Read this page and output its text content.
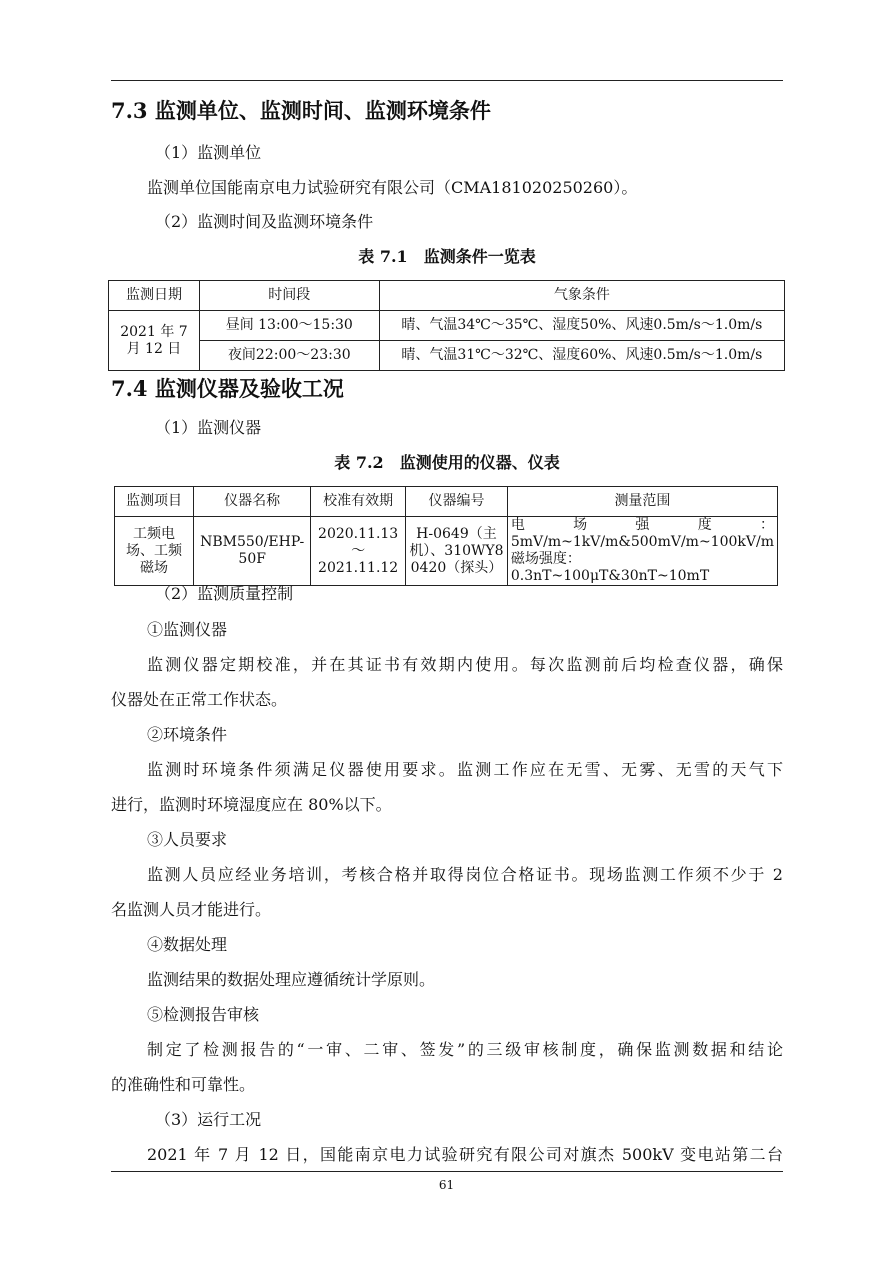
7.3 监测单位、监测时间、监测环境条件
（1）监测单位
监测单位国能南京电力试验研究有限公司（CMA181020250260）。
（2）监测时间及监测环境条件
表 7.1　监测条件一览表
监测日期	时间段	气象条件
2021 年 7 月 12 日	昼间 13:00～15:30	晴、气温34℃～35℃、湿度50%、风速0.5m/s～1.0m/s
	夜间22:00～23:30	晴、气温31℃～32℃、湿度60%、风速0.5m/s～1.0m/s
7.4 监测仪器及验收工况
（1）监测仪器
表 7.2　监测使用的仪器、仪表
监测项目	仪器名称	校准有效期	仪器编号	测量范围
工频电场、工频磁场	NBM550/EHP-50F	2020.11.13～2021.11.12	H-0649（主机）、310WY80420（探头）	电场强度：
5mV/m~1kV/m&500mV/m~100kV/m
磁场强度：0.3nT~100μT&30nT~10mT
（2）监测质量控制
①监测仪器
监测仪器定期校准，并在其证书有效期内使用。每次监测前后均检查仪器，确保
仪器处在正常工作状态。
②环境条件
监测时环境条件须满足仪器使用要求。监测工作应在无雪、无雾、无雪的天气下
进行，监测时环境湿度应在 80%以下。
③人员要求
监测人员应经业务培训，考核合格并取得岗位合格证书。现场监测工作须不少于 2
名监测人员才能进行。
④数据处理
监测结果的数据处理应遵循统计学原则。
⑤检测报告审核
制定了检测报告的“一审、二审、签发”的三级审核制度，确保监测数据和结论
的准确性和可靠性。
（3）运行工况
2021 年 7 月 12 日，国能南京电力试验研究有限公司对旗杰 500kV 变电站第二台
61
